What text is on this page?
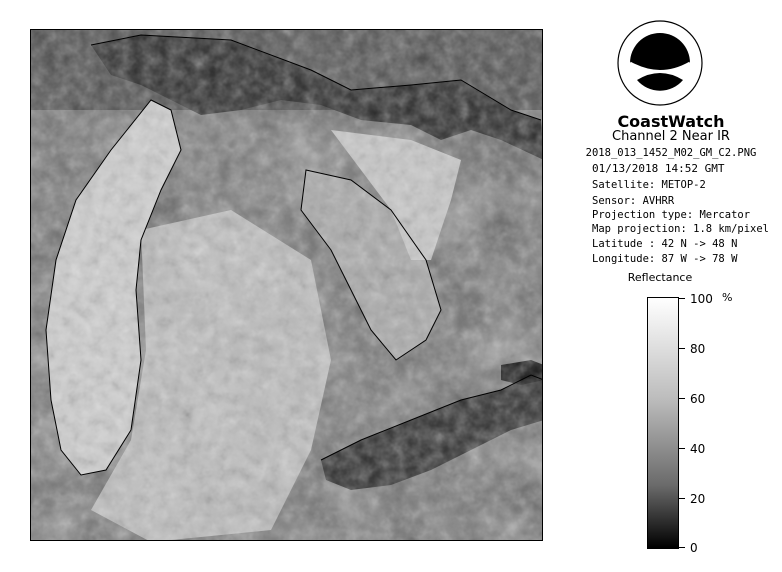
CoastWatch
Channel 2 Near IR
2018_013_1452_M02_GM_C2.PNG
01/13/2018 14:52 GMT
Satellite: METOP-2
Sensor: AVHRR
Projection type: Mercator
Map projection: 1.8 km/pixel
Latitude : 42 N -> 48 N
Longitude: 87 W -> 78 W
Reflectance
%
100
80
60
40
20
0
